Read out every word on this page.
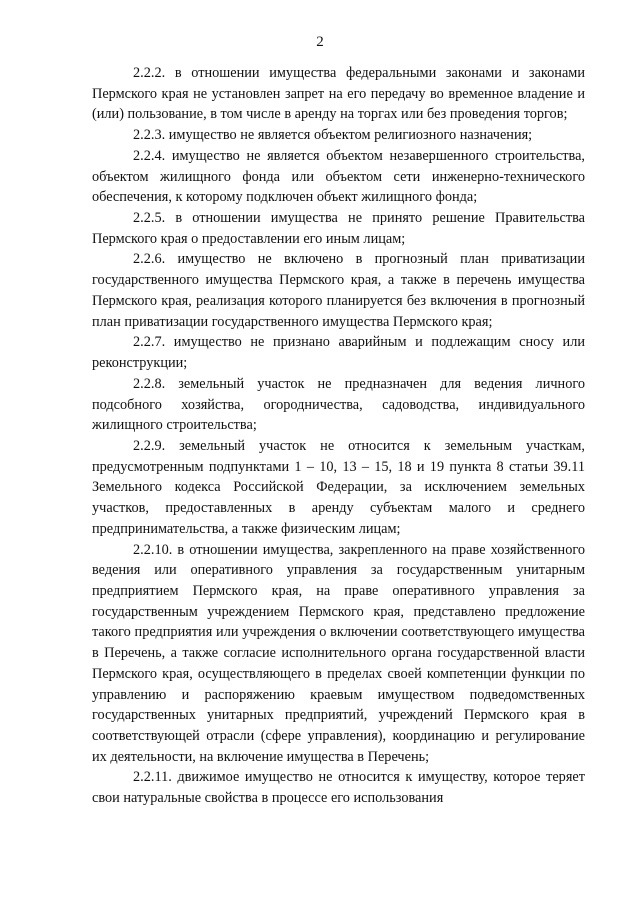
2

2.2.2. в отношении имущества федеральными законами и законами Пермского края не установлен запрет на его передачу во временное владение и (или) пользование, в том числе в аренду на торгах или без проведения торгов;

2.2.3. имущество не является объектом религиозного назначения;

2.2.4. имущество не является объектом незавершенного строительства, объектом жилищного фонда или объектом сети инженерно-технического обеспечения, к которому подключен объект жилищного фонда;

2.2.5. в отношении имущества не принято решение Правительства Пермского края о предоставлении его иным лицам;

2.2.6. имущество не включено в прогнозный план приватизации государственного имущества Пермского края, а также в перечень имущества Пермского края, реализация которого планируется без включения в прогнозный план приватизации государственного имущества Пермского края;

2.2.7. имущество не признано аварийным и подлежащим сносу или реконструкции;

2.2.8. земельный участок не предназначен для ведения личного подсобного хозяйства, огородничества, садоводства, индивидуального жилищного строительства;

2.2.9. земельный участок не относится к земельным участкам, предусмотренным подпунктами 1 – 10, 13 – 15, 18 и 19 пункта 8 статьи 39.11 Земельного кодекса Российской Федерации, за исключением земельных участков, предоставленных в аренду субъектам малого и среднего предпринимательства, а также физическим лицам;

2.2.10. в отношении имущества, закрепленного на праве хозяйственного ведения или оперативного управления за государственным унитарным предприятием Пермского края, на праве оперативного управления за государственным учреждением Пермского края, представлено предложение такого предприятия или учреждения о включении соответствующего имущества в Перечень, а также согласие исполнительного органа государственной власти Пермского края, осуществляющего в пределах своей компетенции функции по управлению и распоряжению краевым имуществом подведомственных государственных унитарных предприятий, учреждений Пермского края в соответствующей отрасли (сфере управления), координацию и регулирование их деятельности, на включение имущества в Перечень;

2.2.11. движимое имущество не относится к имуществу, которое теряет свои натуральные свойства в процессе его использования
